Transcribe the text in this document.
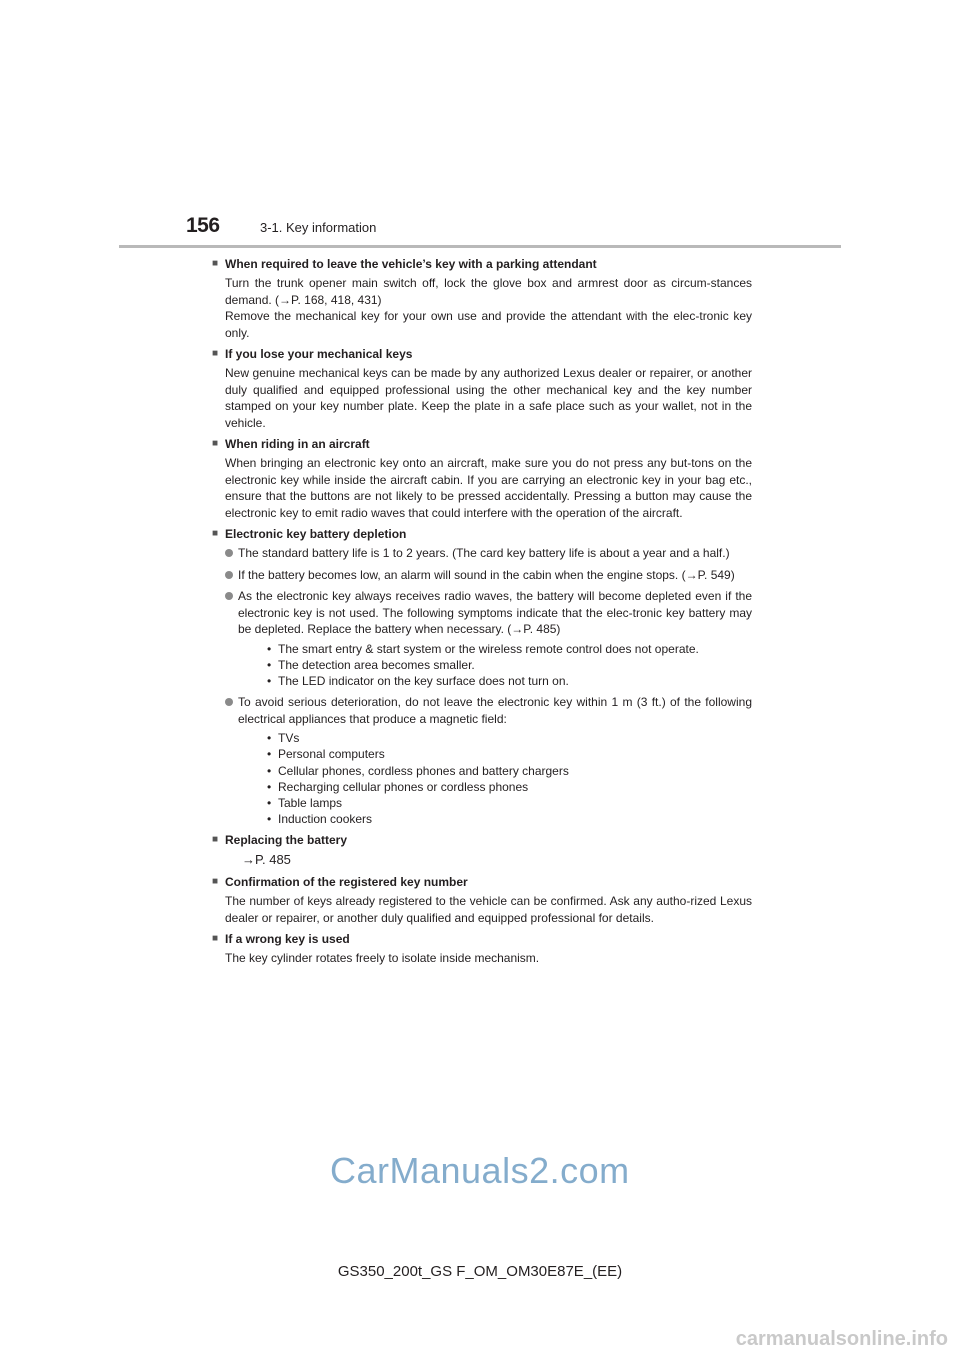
156	3-1. Key information
■ When required to leave the vehicle’s key with a parking attendant
Turn the trunk opener main switch off, lock the glove box and armrest door as circum-stances demand. (→P. 168, 418, 431)
Remove the mechanical key for your own use and provide the attendant with the elec-tronic key only.
■ If you lose your mechanical keys
New genuine mechanical keys can be made by any authorized Lexus dealer or repairer, or another duly qualified and equipped professional using the other mechanical key and the key number stamped on your key number plate. Keep the plate in a safe place such as your wallet, not in the vehicle.
■ When riding in an aircraft
When bringing an electronic key onto an aircraft, make sure you do not press any but-tons on the electronic key while inside the aircraft cabin. If you are carrying an electronic key in your bag etc., ensure that the buttons are not likely to be pressed accidentally. Pressing a button may cause the electronic key to emit radio waves that could interfere with the operation of the aircraft.
■ Electronic key battery depletion
The standard battery life is 1 to 2 years. (The card key battery life is about a year and a half.)
If the battery becomes low, an alarm will sound in the cabin when the engine stops. (→P. 549)
As the electronic key always receives radio waves, the battery will become depleted even if the electronic key is not used. The following symptoms indicate that the elec-tronic key battery may be depleted. Replace the battery when necessary. (→P. 485)
• The smart entry & start system or the wireless remote control does not operate.
• The detection area becomes smaller.
• The LED indicator on the key surface does not turn on.
To avoid serious deterioration, do not leave the electronic key within 1 m (3 ft.) of the following electrical appliances that produce a magnetic field:
• TVs
• Personal computers
• Cellular phones, cordless phones and battery chargers
• Recharging cellular phones or cordless phones
• Table lamps
• Induction cookers
■ Replacing the battery
→P. 485
■ Confirmation of the registered key number
The number of keys already registered to the vehicle can be confirmed. Ask any autho-rized Lexus dealer or repairer, or another duly qualified and equipped professional for details.
■ If a wrong key is used
The key cylinder rotates freely to isolate inside mechanism.
CarManuals2.com
GS350_200t_GS F_OM_OM30E87E_(EE)
carmanualsonline.info
